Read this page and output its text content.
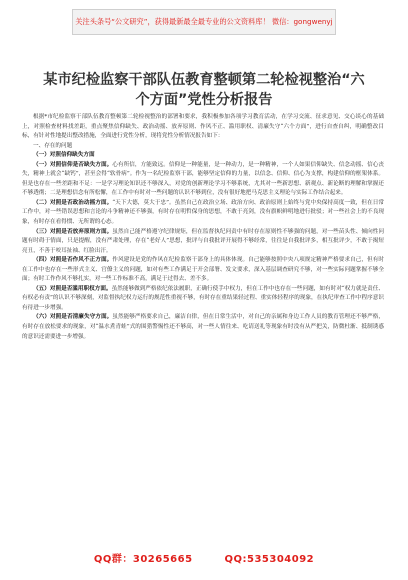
关注头条号“公文研究”，获得最新最全最专业的公文资料库！ 微信：gongwenyj
某市纪检监察干部队伍教育整顿第二轮检视整治“六
个方面”党性分析报告

根据*市纪检监察干部队伍教育整顿第二轮检视整治的部署和要求，我积极参加各项学习教育活动，在学习交流、征求意见、交心谈心的基础上，对照检查材料找差距，重点聚焦信仰缺失、政治动摇、放弃原则、作风不正、滥用职权、清廉失守“六个方面”，进行自查自纠，明确整改目标，有针对性地提出整改措施，全面进行党性分析，现将党性分析情况报告如下：

一、存在的问题

（一）对照信仰缺失方面

（一）对照信仰是否缺失方面。心有所信，方能致远。信仰是一种能量，是一种动力，是一种精神，一个人如果信仰缺失、信念动摇、信心丧失，精神上就会“缺钙”，甚至会得“软骨病”。作为一名纪检监察干部，能够坚定信仰的力量，以信念、信仰、信心为支撑，构建信仰的框架体系。但是也存在一些差距和不足：一是学习理论知识还不够深入，对党的创新理论学习不够系统，尤其对一些新思想、新观点、新论断的理解和掌握还不够透彻；二是理想信念有所松懈，在工作中有时对一些问题的认识不够到位，没有很好地把马克思主义理论与实际工作结合起来。

（二）对照是否政治动摇方面。“天下大德，莫大于忠”。虽然自己在政治立场、政治方向、政治原则上始终与党中央保持高度一致，但在日常工作中，对一些错误思想和言论的斗争精神还不够强，有时存在明哲保身的思想，不敢于亮剑，没有旗帜鲜明地进行批驳；对一些社会上的不良现象，有时存在看得惯、无所谓的心态。

（三）对照是否放弃原则方面。虽然自己能严格遵守纪律规矩，但在监督执纪问责中有时存在原则性不够强的问题，对一些苗头性、倾向性问题有时碍于情面，只是提醒，没有严肃处理，存在“老好人”思想，批评与自我批评开展得不够经常，往往是自我批评多，相互批评少，不敢于揭短亮丑，不善于咬耳扯袖、红脸出汗。

（四）对照是否作风不正方面。作风建设是党的作风在纪检监察干部身上的具体体现。自己能够按照中央八项规定精神严格要求自己，但有时在工作中也存在一些形式主义、官僚主义的问题，如对有些工作满足于开会部署、发文要求，深入基层调查研究不够，对一些实际问题掌握不够全面；有时工作作风不够扎实，对一些工作标准不高，满足于过得去、差不多。

（五）对照是否滥用职权方面。虽然能够做到严格依纪依法履职，正确行使手中权力，但在工作中也存在一些问题，如有时对“权力就是责任、有权必有责”的认识不够深刻，对监督执纪权力运行的规范性重视不够，有时存在重结果轻过程、重实体轻程序的现象，在执纪审查工作中程序意识有待进一步增强。

（六）对照是否清廉失守方面。虽然能够严格要求自己，廉洁自律，但在日常生活中，对自己的亲属和身边工作人员的教育管理还不够严格，有时存在放松要求的现象，对“温水煮青蛙”式的围猎警惕性还不够高，对一些人情往来、吃请送礼等现象有时没有从严把关，防微杜渐、抵制诱惑的意识还需要进一步增强。

QQ群：30265665	QQ:535304092
